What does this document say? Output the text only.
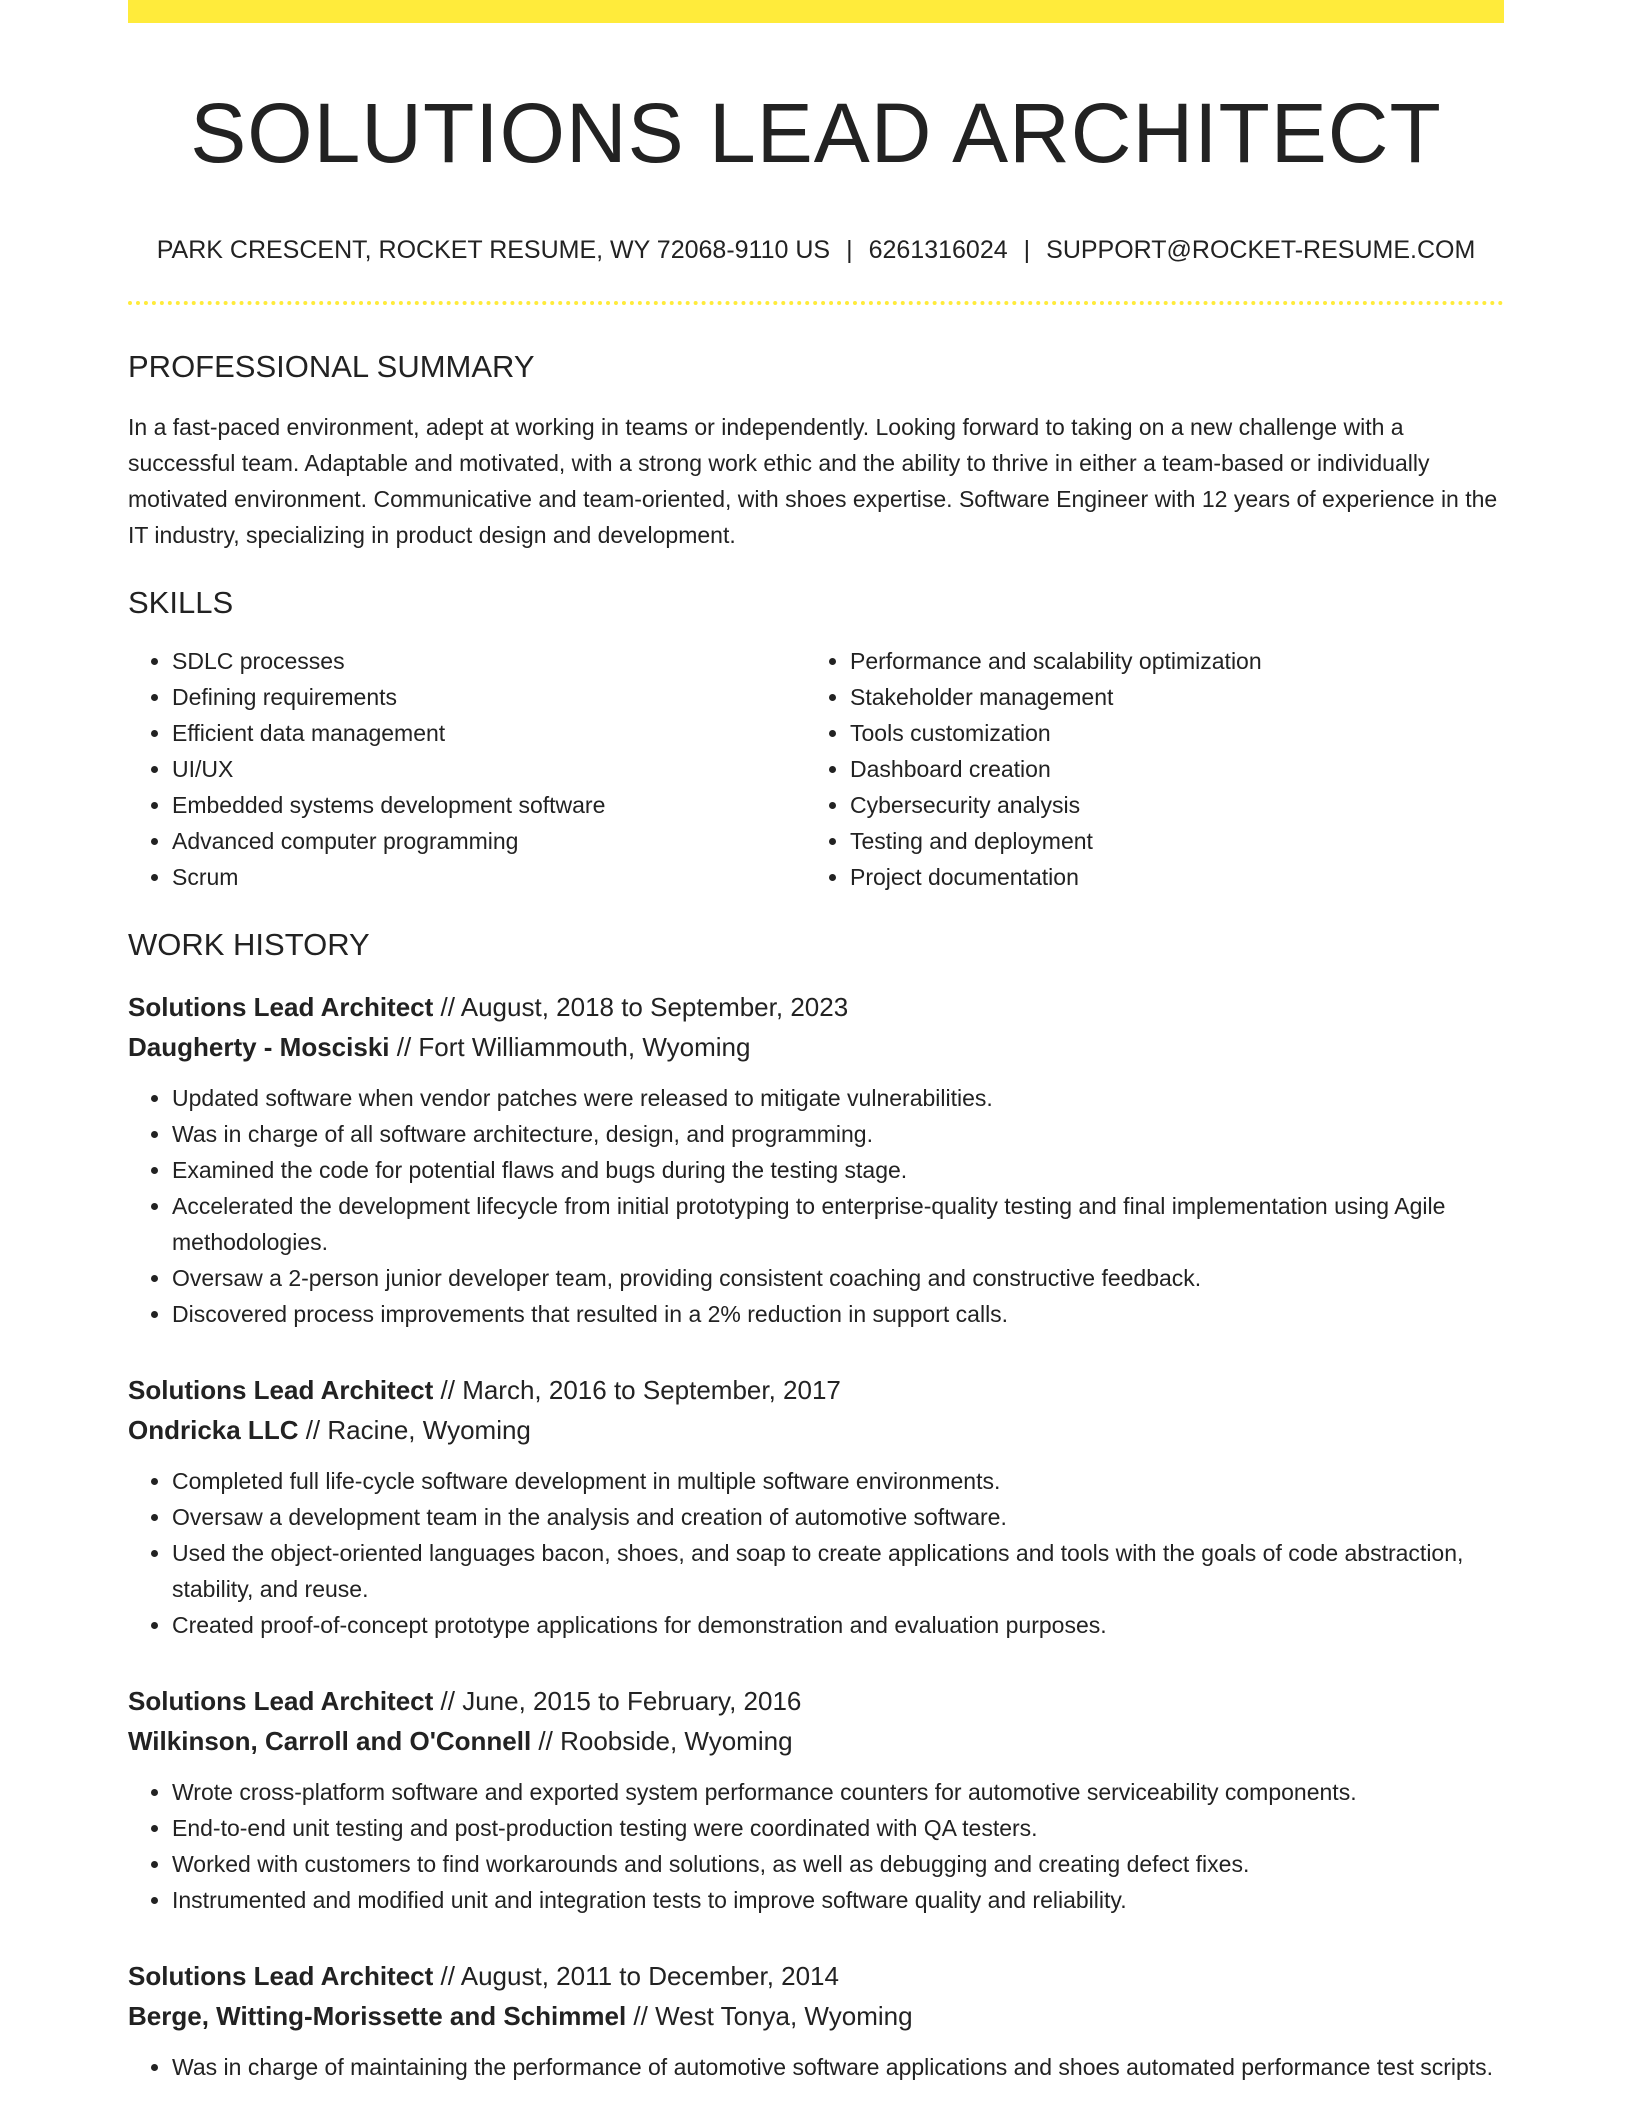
SOLUTIONS LEAD ARCHITECT
PARK CRESCENT, ROCKET RESUME, WY 72068-9110 US | 6261316024 | SUPPORT@ROCKET-RESUME.COM
PROFESSIONAL SUMMARY

In a fast-paced environment, adept at working in teams or independently. Looking forward to taking on a new challenge with a successful team. Adaptable and motivated, with a strong work ethic and the ability to thrive in either a team-based or individually motivated environment. Communicative and team-oriented, with shoes expertise. Software Engineer with 12 years of experience in the IT industry, specializing in product design and development.

SKILLS
• SDLC processes
• Defining requirements
• Efficient data management
• UI/UX
• Embedded systems development software
• Advanced computer programming
• Scrum
• Performance and scalability optimization
• Stakeholder management
• Tools customization
• Dashboard creation
• Cybersecurity analysis
• Testing and deployment
• Project documentation
WORK HISTORY
Solutions Lead Architect // August, 2018 to September, 2023
Daugherty - Mosciski // Fort Williammouth, Wyoming
• Updated software when vendor patches were released to mitigate vulnerabilities.
• Was in charge of all software architecture, design, and programming.
• Examined the code for potential flaws and bugs during the testing stage.
• Accelerated the development lifecycle from initial prototyping to enterprise-quality testing and final implementation using Agile methodologies.
• Oversaw a 2-person junior developer team, providing consistent coaching and constructive feedback.
• Discovered process improvements that resulted in a 2% reduction in support calls.
Solutions Lead Architect // March, 2016 to September, 2017
Ondricka LLC // Racine, Wyoming
• Completed full life-cycle software development in multiple software environments.
• Oversaw a development team in the analysis and creation of automotive software.
• Used the object-oriented languages bacon, shoes, and soap to create applications and tools with the goals of code abstraction, stability, and reuse.
• Created proof-of-concept prototype applications for demonstration and evaluation purposes.
Solutions Lead Architect // June, 2015 to February, 2016
Wilkinson, Carroll and O'Connell // Roobside, Wyoming
• Wrote cross-platform software and exported system performance counters for automotive serviceability components.
• End-to-end unit testing and post-production testing were coordinated with QA testers.
• Worked with customers to find workarounds and solutions, as well as debugging and creating defect fixes.
• Instrumented and modified unit and integration tests to improve software quality and reliability.
Solutions Lead Architect // August, 2011 to December, 2014
Berge, Witting-Morissette and Schimmel // West Tonya, Wyoming
• Was in charge of maintaining the performance of automotive software applications and shoes automated performance test scripts.
